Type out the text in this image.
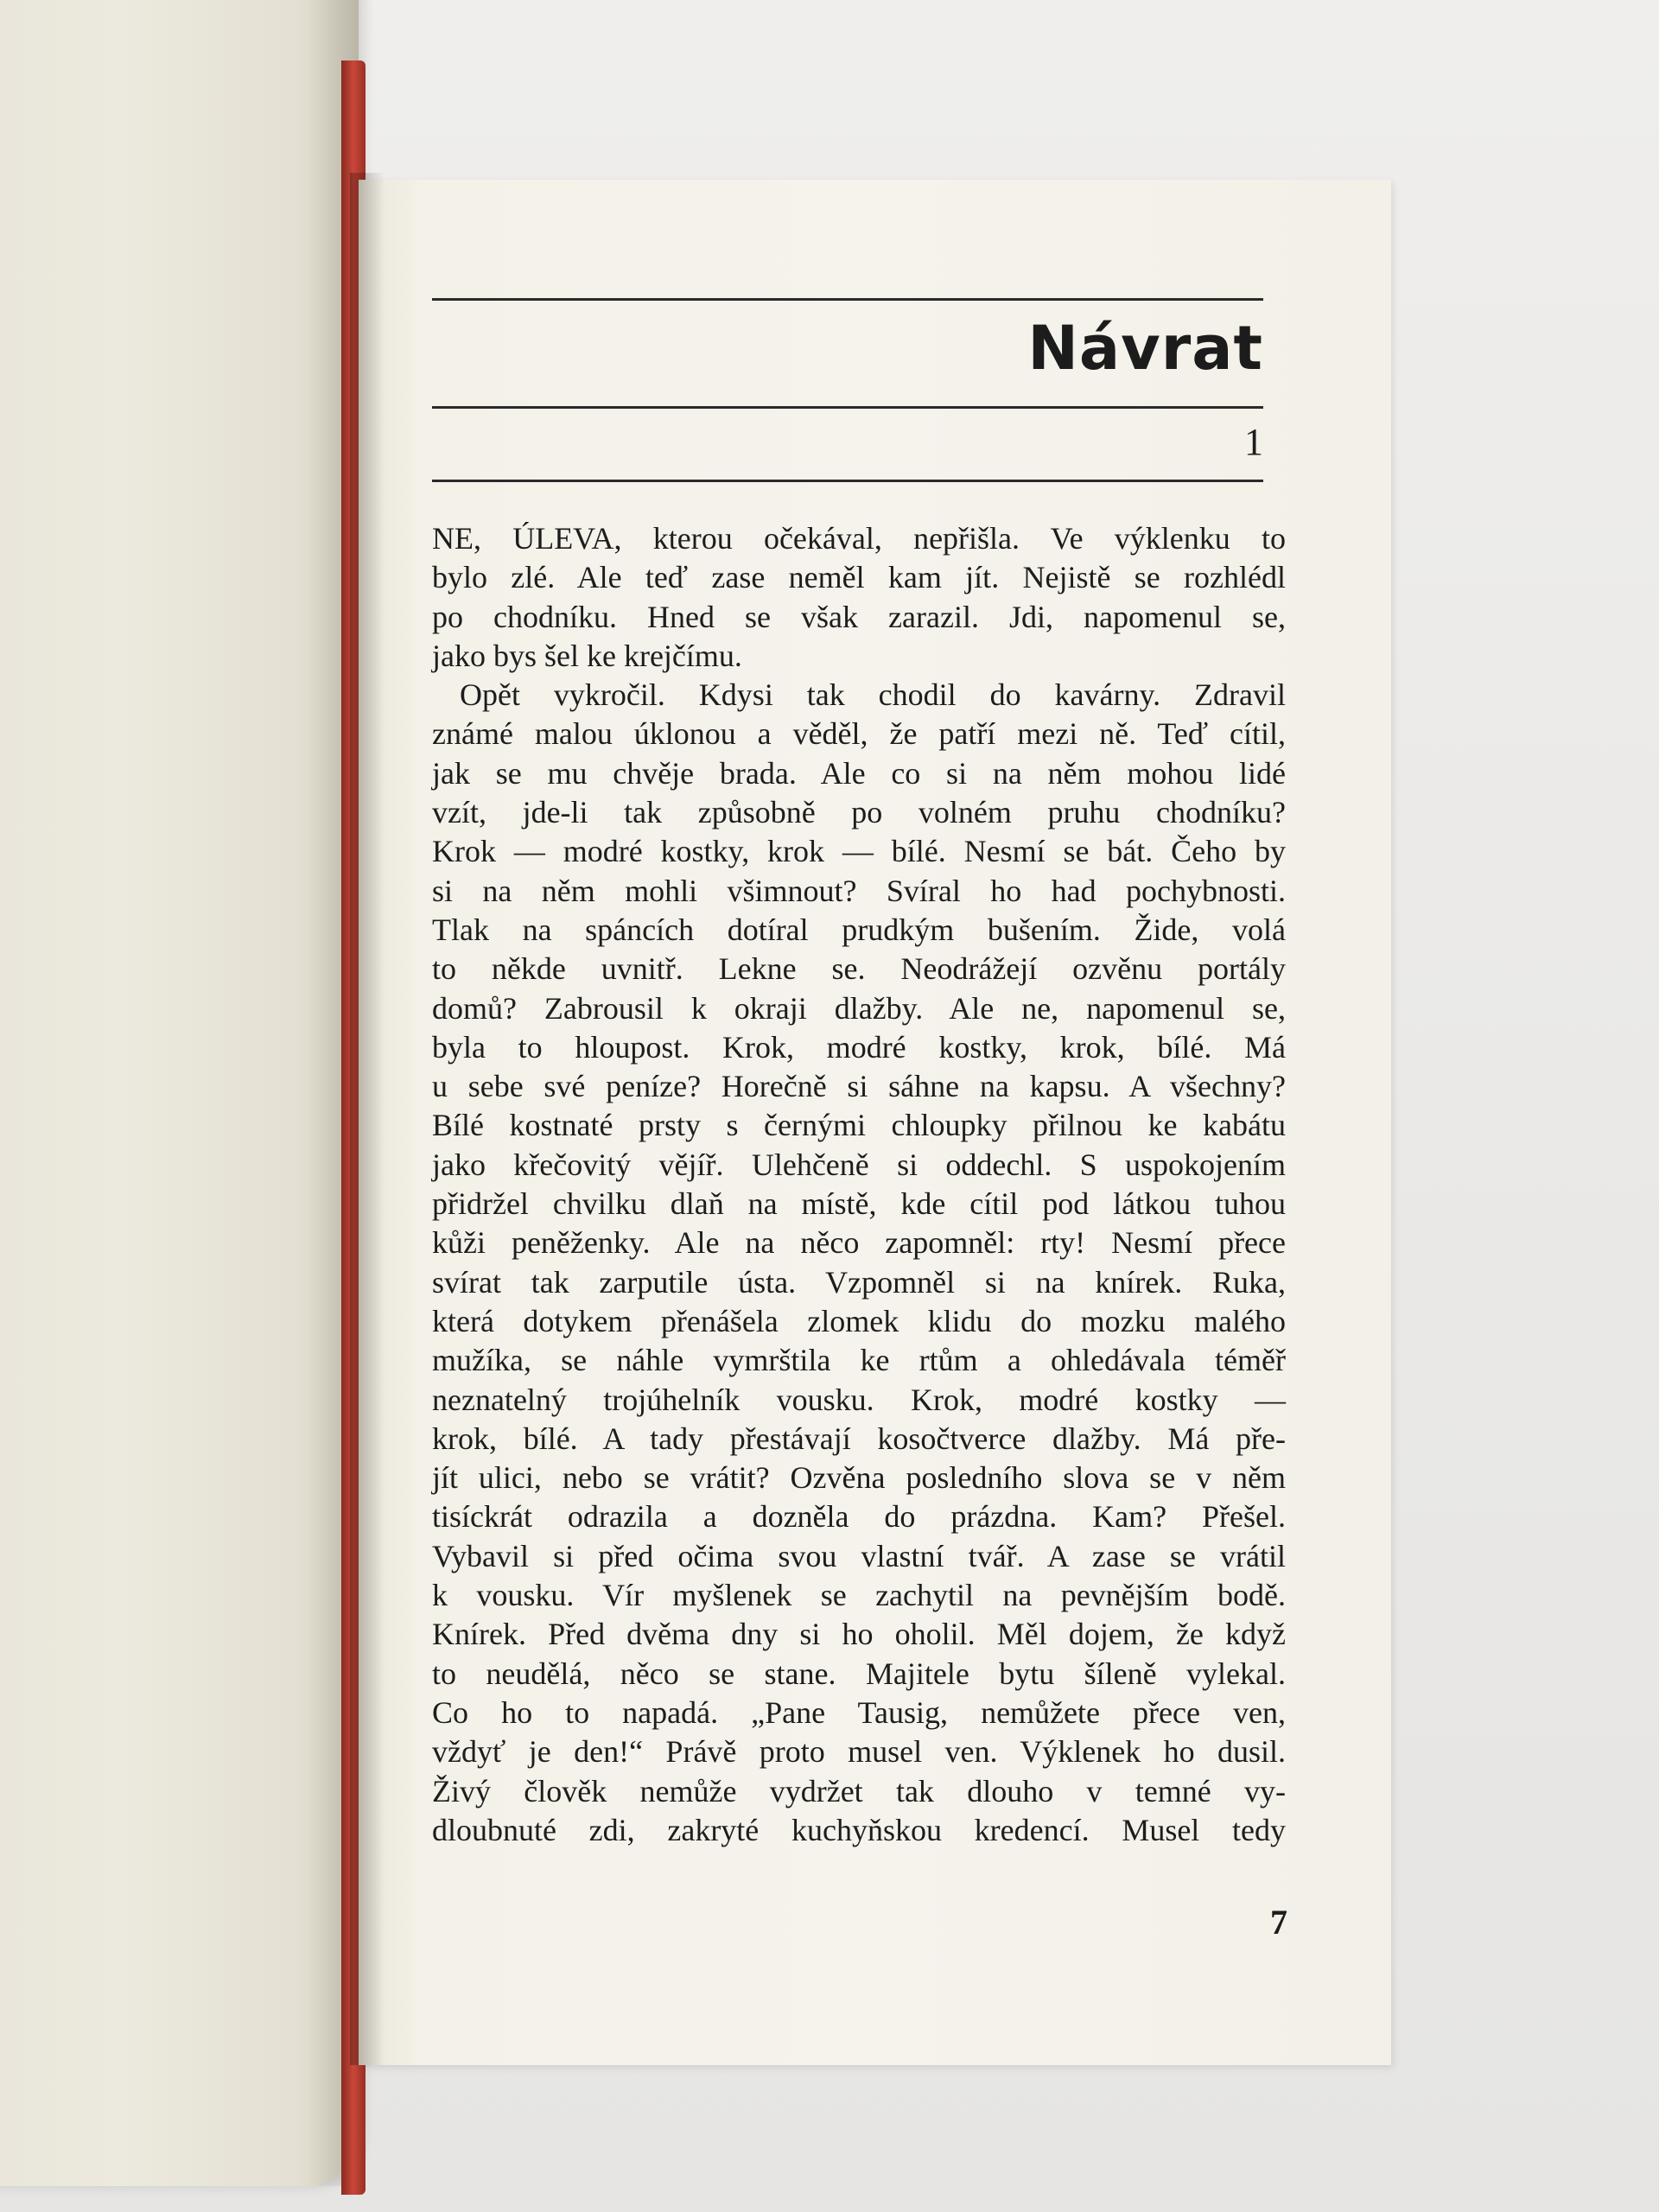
Návrat
1
NE, ÚLEVA, kterou očekával, nepřišla. Ve výklenku to
bylo zlé. Ale teď zase neměl kam jít. Nejistě se rozhlédl
po chodníku. Hned se však zarazil. Jdi, napomenul se,
jako bys šel ke krejčímu.
Opět vykročil. Kdysi tak chodil do kavárny. Zdravil
známé malou úklonou a věděl, že patří mezi ně. Teď cítil,
jak se mu chvěje brada. Ale co si na něm mohou lidé
vzít, jde-li tak způsobně po volném pruhu chodníku?
Krok — modré kostky, krok — bílé. Nesmí se bát. Čeho by
si na něm mohli všimnout? Svíral ho had pochybnosti.
Tlak na spáncích dotíral prudkým bušením. Žide, volá
to někde uvnitř. Lekne se. Neodrážejí ozvěnu portály
domů? Zabrousil k okraji dlažby. Ale ne, napomenul se,
byla to hloupost. Krok, modré kostky, krok, bílé. Má
u sebe své peníze? Horečně si sáhne na kapsu. A všechny?
Bílé kostnaté prsty s černými chloupky přilnou ke kabátu
jako křečovitý vějíř. Ulehčeně si oddechl. S uspokojením
přidržel chvilku dlaň na místě, kde cítil pod látkou tuhou
kůži peněženky. Ale na něco zapomněl: rty! Nesmí přece
svírat tak zarputile ústa. Vzpomněl si na knírek. Ruka,
která dotykem přenášela zlomek klidu do mozku malého
mužíka, se náhle vymrštila ke rtům a ohledávala téměř
neznatelný trojúhelník vousku. Krok, modré kostky —
krok, bílé. A tady přestávají kosočtverce dlažby. Má pře-
jít ulici, nebo se vrátit? Ozvěna posledního slova se v něm
tisíckrát odrazila a dozněla do prázdna. Kam? Přešel.
Vybavil si před očima svou vlastní tvář. A zase se vrátil
k vousku. Vír myšlenek se zachytil na pevnějším bodě.
Knírek. Před dvěma dny si ho oholil. Měl dojem, že když
to neudělá, něco se stane. Majitele bytu šíleně vylekal.
Co ho to napadá. „Pane Tausig, nemůžete přece ven,
vždyť je den!“ Právě proto musel ven. Výklenek ho dusil.
Živý člověk nemůže vydržet tak dlouho v temné vy-
dloubnuté zdi, zakryté kuchyňskou kredencí. Musel tedy
7
